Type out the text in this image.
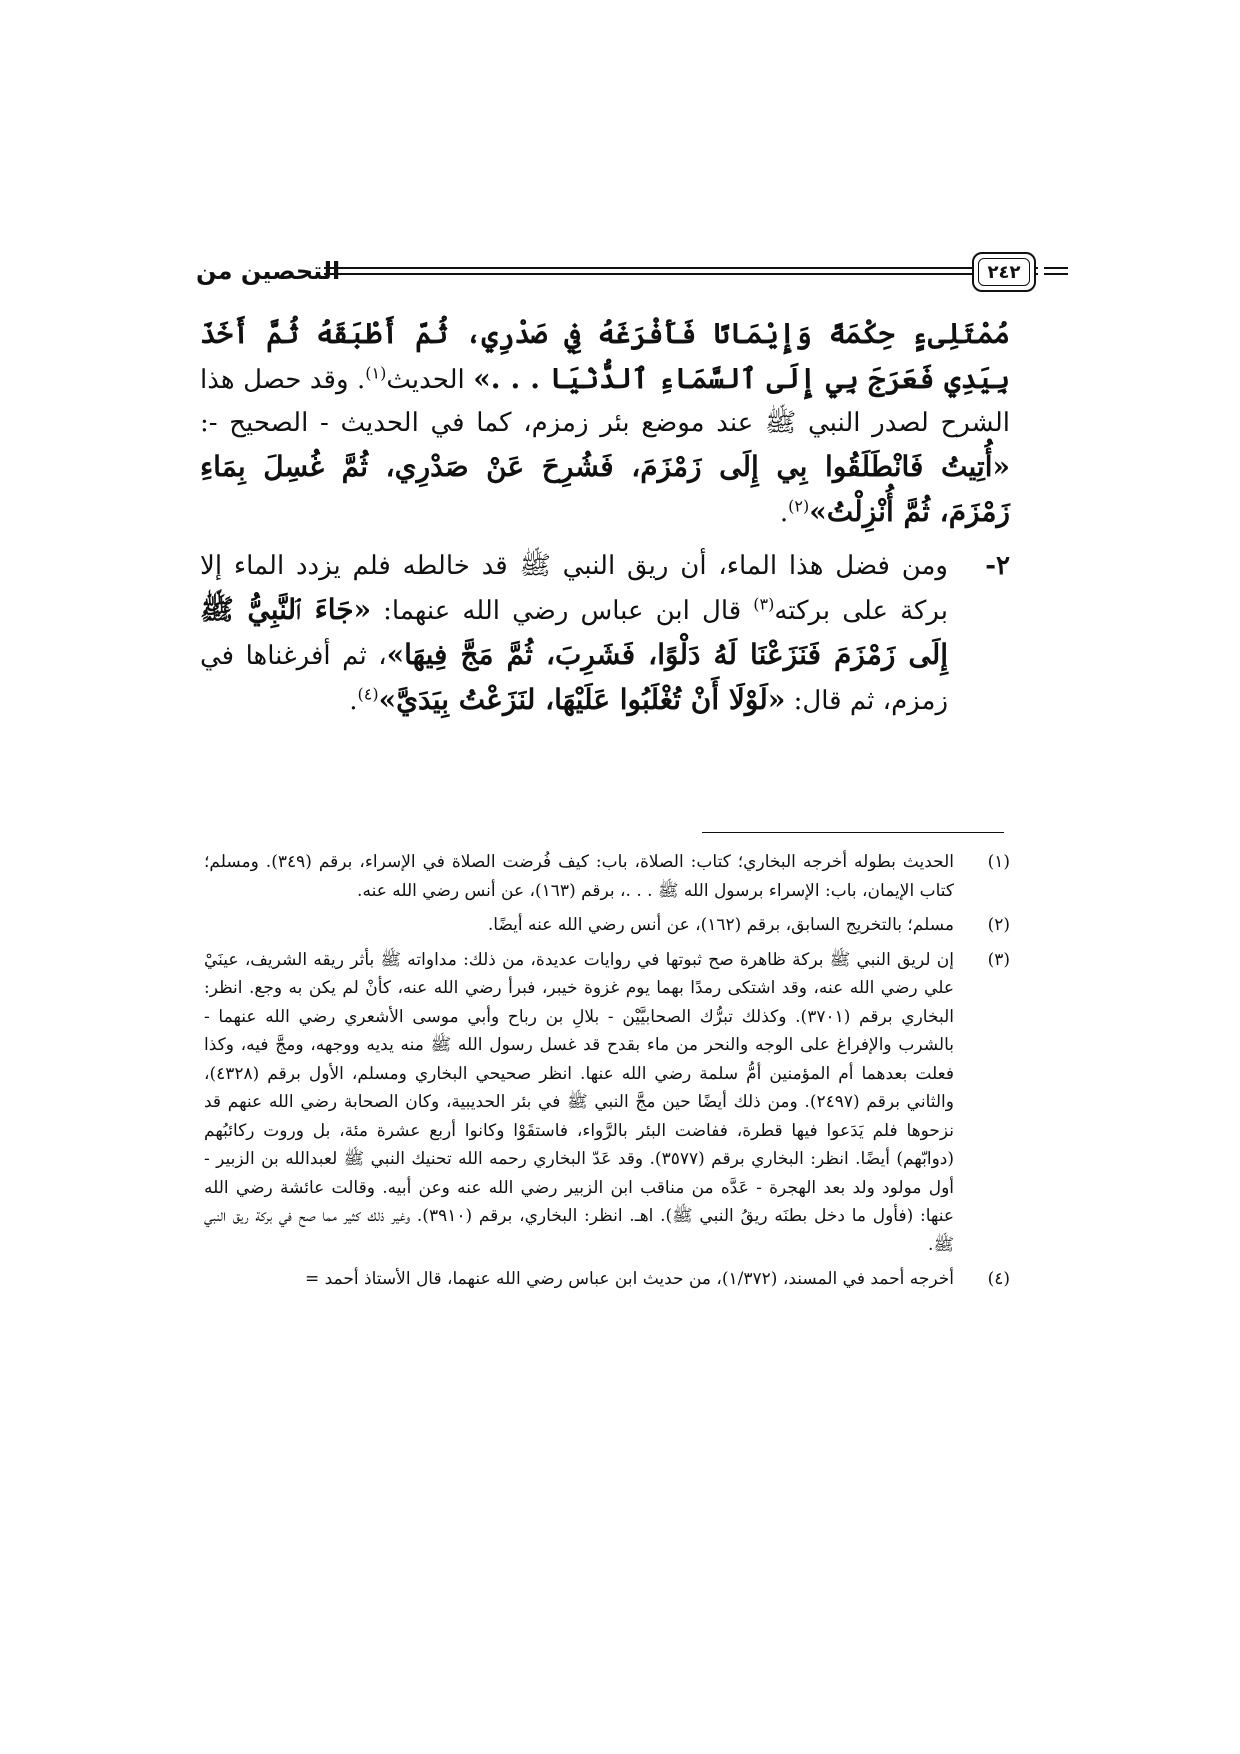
التحصين من	٢٤٢

مُمْتَلِىءٍ حِكْمَةً وَإِيْمَانًا فَأَفْرَغَهُ فِي صَدْرِي، ثُمّ أَطْبَقَهُ ثُمَّ أَخَذَ بِيَدِي فَعَرَجَ بِي إِلَى ٱلسَّمَاءِ ٱلدُّنْيَا . . .» الحديث$^{(١)}$. وقد حصل هذا الشرح لصدر النبي ﷺ عند موضع بئر زمزم، كما في الحديث - الصحيح -: «أُتِيتُ فَانْطَلَقُوا بِي إِلَى زَمْزَمَ، فَشُرِحَ عَنْ صَدْرِي، ثُمَّ غُسِلَ بِمَاءِ زَمْزَمَ، ثُمَّ أُنْزِلْتُ»$^{(٢)}$.

٢-

ومن فضل هذا الماء، أن ريق النبي ﷺ قد خالطه فلم يزدد الماء إلا بركة على بركته$^{(٣)}$ قال ابن عباس رضي الله عنهما: «جَاءَ ٱلنَّبِيُّ ﷺ إِلَى زَمْزَمَ فَنَزَعْنَا لَهُ دَلْوًا، فَشَرِبَ، ثُمَّ مَجَّ فِيهَا»، ثم أفرغناها في زمزم، ثم قال: «لَوْلَا أَنْ تُغْلَبُوا عَلَيْهَا، لنَزَعْتُ بِيَدَيَّ»$^{(٤)}$.

(١)
الحديث بطوله أخرجه البخاري؛ كتاب: الصلاة، باب: كيف فُرضت الصلاة في الإسراء، برقم (٣٤٩). ومسلم؛ كتاب الإيمان، باب: الإسراء برسول الله ﷺ . . .، برقم (١٦٣)، عن أنس رضي الله عنه.
(٢)
مسلم؛ بالتخريج السابق، برقم (١٦٢)، عن أنس رضي الله عنه أيضًا.
(٣)
إن لريق النبي ﷺ بركة ظاهرة صح ثبوتها في روايات عديدة، من ذلك: مداواته ﷺ بأثر ريقه الشريف، عينَيْ علي رضي الله عنه، وقد اشتكى رمدًا بهما يوم غزوة خيبر، فبرأ رضي الله عنه، كأنْ لم يكن به وجع. انظر: البخاري برقم (٣٧٠١). وكذلك تبرُّك الصحابيَّيْن - بلالِ بن رباح وأبي موسى الأشعري رضي الله عنهما - بالشرب والإفراغ على الوجه والنحر من ماء بقدح قد غسل رسول الله ﷺ منه يديه ووجهه، ومجَّ فيه، وكذا فعلت بعدهما أم المؤمنين أمُّ سلمة رضي الله عنها. انظر صحيحي البخاري ومسلم، الأول برقم (٤٣٢٨)، والثاني برقم (٢٤٩٧). ومن ذلك أيضًا حين مجَّ النبي ﷺ في بئر الحديبية، وكان الصحابة رضي الله عنهم قد نزحوها فلم يَدَعوا فيها قطرة، ففاضت البئر بالرَّواء، فاستقَوْا وكانوا أربع عشرة مئة، بل وروت ركائبُهم (دوابّهم) أيضًا. انظر: البخاري برقم (٣٥٧٧). وقد عَدّ البخاري رحمه الله تحنيك النبي ﷺ لعبدالله بن الزبير - أول مولود ولد بعد الهجرة - عَدَّه من مناقب ابن الزبير رضي الله عنه وعن أبيه. وقالت عائشة رضي الله عنها: (فأول ما دخل بطنَه ريقُ النبي ﷺ). اهـ. انظر: البخاري، برقم (٣٩١٠). وغير ذلك كثير مما صح في بركة ريق النبي ﷺ.
(٤)
أخرجه أحمد في المسند، (١/٣٧٢)، من حديث ابن عباس رضي الله عنهما، قال الأستاذ أحمد =
